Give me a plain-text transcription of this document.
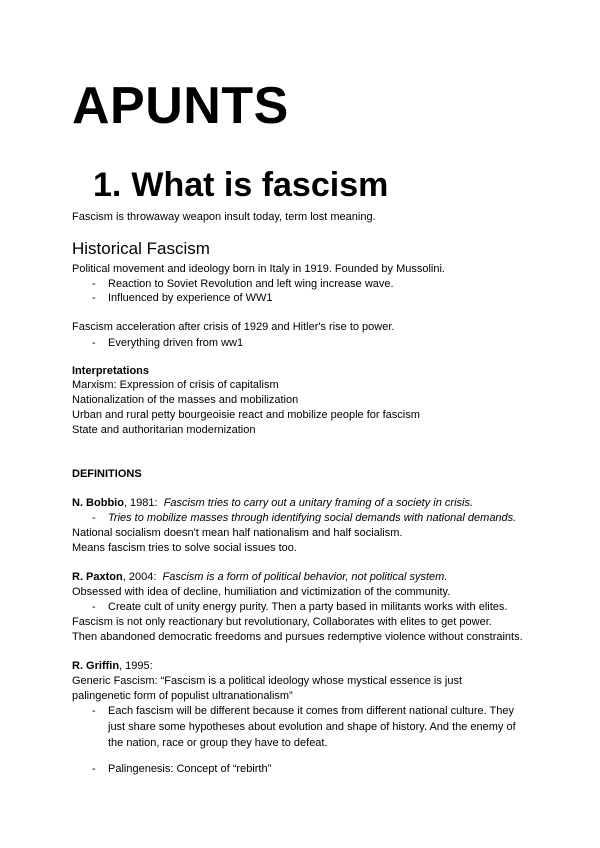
APUNTS
1. What is fascism

Fascism is throwaway weapon insult today, term lost meaning.

Historical Fascism

Political movement and ideology born in Italy in 1919. Founded by Mussolini.

- Reaction to Soviet Revolution and left wing increase wave.

- Influenced by experience of WW1

Fascism acceleration after crisis of 1929 and Hitler's rise to power.

- Everything driven from ww1

Interpretations

Marxism: Expression of crisis of capitalism

Nationalization of the masses and mobilization

Urban and rural petty bourgeoisie react and mobilize people for fascism

State and authoritarian modernization

DEFINITIONS

N. Bobbio, 1981: Fascism tries to carry out a unitary framing of a society in crisis.

- Tries to mobilize masses through identifying social demands with national demands.

National socialism doesn't mean half nationalism and half socialism.

Means fascism tries to solve social issues too.

R. Paxton, 2004: Fascism is a form of political behavior, not political system.

Obsessed with idea of decline, humiliation and victimization of the community.

- Create cult of unity energy purity. Then a party based in militants works with elites.

Fascism is not only reactionary but revolutionary, Collaborates with elites to get power.

Then abandoned democratic freedoms and pursues redemptive violence without constraints.

R. Griffin, 1995:

Generic Fascism: “Fascism is a political ideology whose mystical essence is just

palingenetic form of populist ultranationalism”

- Each fascism will be different because it comes from different national culture. They just share some hypotheses about evolution and shape of history. And the enemy of the nation, race or group they have to defeat.

- Palingenesis: Concept of “rebirth”
